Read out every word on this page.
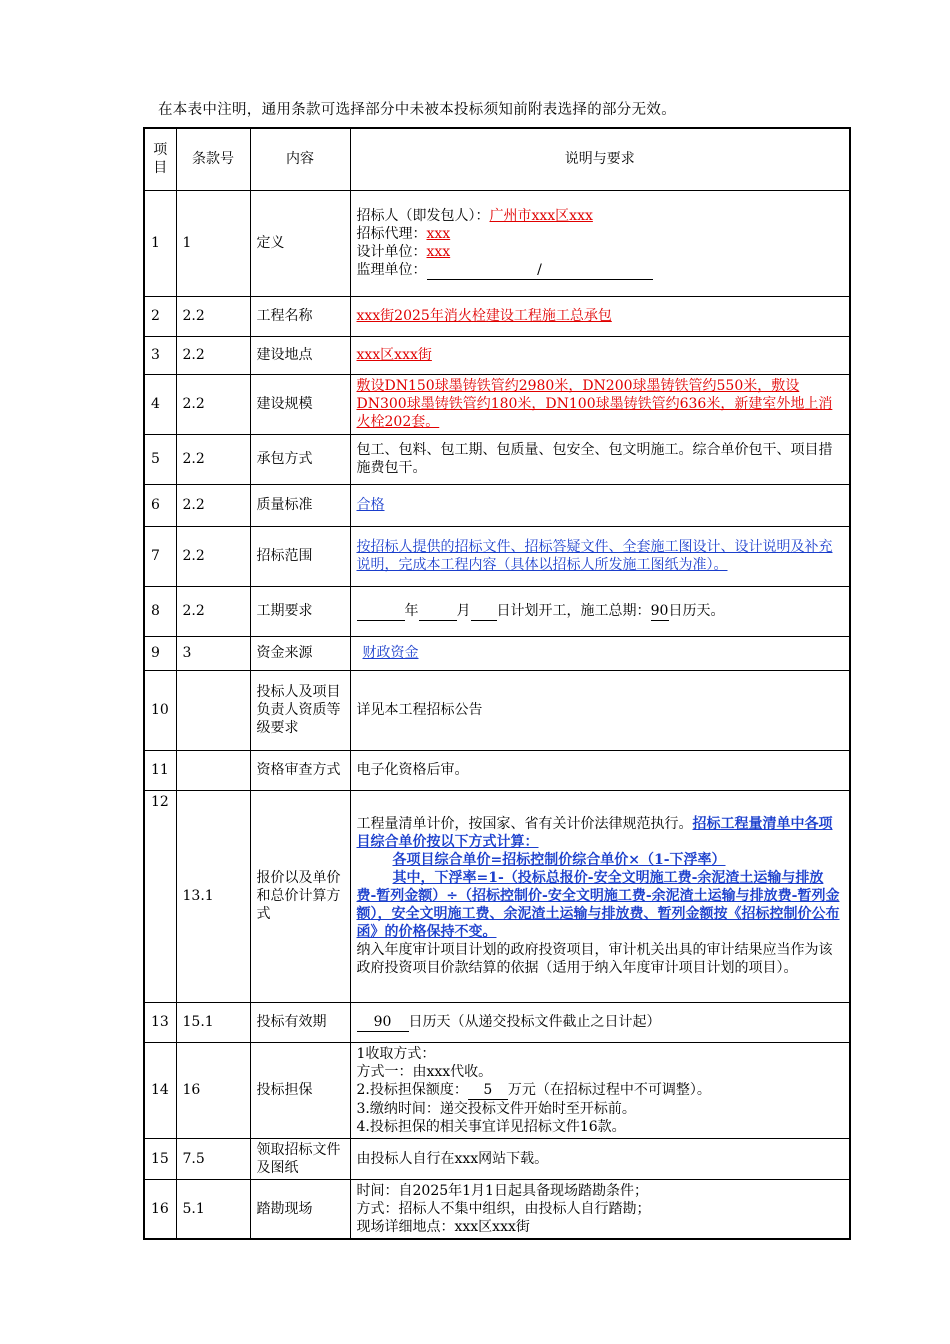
在本表中注明，通用条款可选择部分中未被本投标须知前附表选择的部分无效。
项
目	条款号	内容	说明与要求
1	1	定义	招标人（即发包人）：广州市xxx区xxx
招标代理：xxx
设计单位：xxx
监理单位： /

2	2.2	工程名称	xxx街2025年消火栓建设工程施工总承包
3	2.2	建设地点	xxx区xxx街
4	2.2	建设规模	敷设DN150球墨铸铁管约2980米，DN200球墨铸铁管约550米，敷设DN300球墨铸铁管约180米，DN100球墨铸铁管约636米，新建室外地上消火栓202套。
5	2.2	承包方式	包工、包料、包工期、包质量、包安全、包文明施工。综合单价包干、项目措施费包干。
6	2.2	质量标准	合格
7	2.2	招标范围	按招标人提供的招标文件、招标答疑文件、全套施工图设计、设计说明及补充说明，完成本工程内容（具体以招标人所发施工图纸为准）。
8	2.2	工期要求	年 月 日计划开工，施工总期：90日历天。
9	3	资金来源	财政资金
10		投标人及项目负责人资质等级要求	详见本工程招标公告
11		资格审查方式	电子化资格后审。
12	13.1	报价以及单价和总价计算方式	工程量清单计价，按国家、省有关计价法律规范执行。招标工程量清单中各项目综合单价按以下方式计算：
各项目综合单价=招标控制价综合单价×（1-下浮率）
其中，下浮率=1-（投标总报价-安全文明施工费-余泥渣土运输与排放费-暂列金额）÷（招标控制价-安全文明施工费-余泥渣土运输与排放费-暂列金额），安全文明施工费、余泥渣土运输与排放费、暂列金额按《招标控制价公布函》的价格保持不变。
纳入年度审计项目计划的政府投资项目，审计机关出具的审计结果应当作为该政府投资项目价款结算的依据（适用于纳入年度审计项目计划的项目）。

13	15.1	投标有效期	90 日历天（从递交投标文件截止之日计起）
14	16	投标担保	1收取方式：
方式一：由xxx代收。
2.投标担保额度： 5 万元（在招标过程中不可调整）。
3.缴纳时间：递交投标文件开始时至开标前。
4.投标担保的相关事宜详见招标文件16款。

15	7.5	领取招标文件及图纸	由投标人自行在xxx网站下载。
16	5.1	踏勘现场	时间：自2025年1月1日起具备现场踏勘条件；
方式：招标人不集中组织，由投标人自行踏勘；
现场详细地点：xxx区xxx街
